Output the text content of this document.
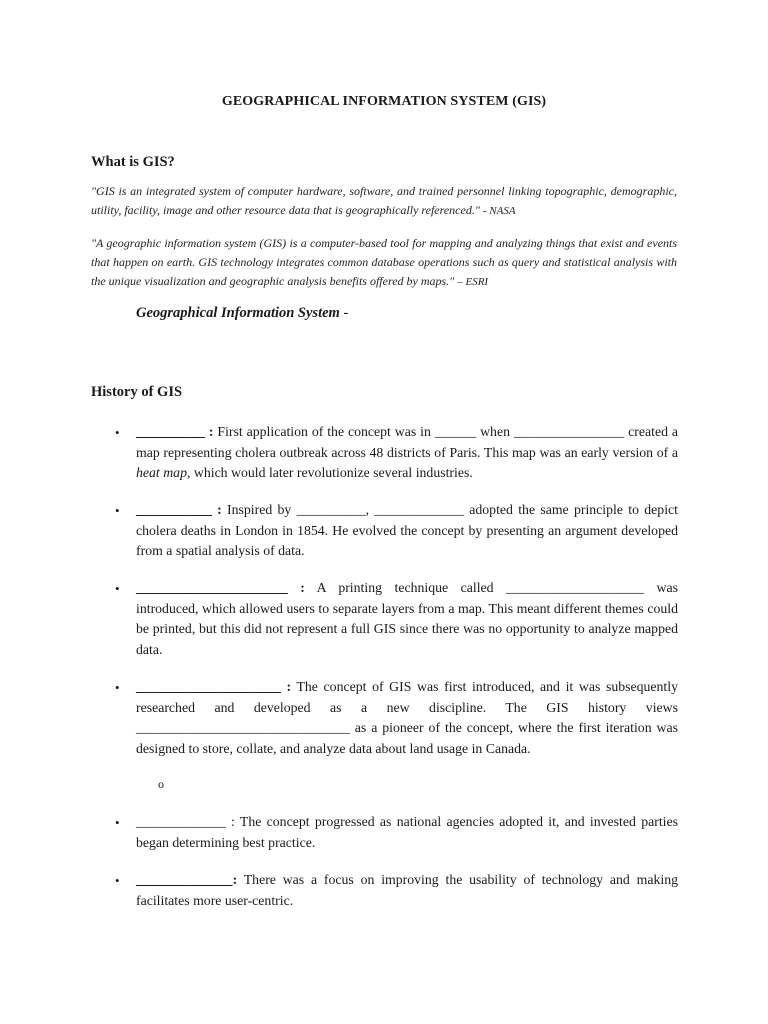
GEOGRAPHICAL INFORMATION SYSTEM (GIS)
What is GIS?
"GIS is an integrated system of computer hardware, software, and trained personnel linking topographic, demographic, utility, facility, image and other resource data that is geographically referenced." - NASA
"A geographic information system (GIS) is a computer-based tool for mapping and analyzing things that exist and events that happen on earth. GIS technology integrates common database operations such as query and statistical analysis with the unique visualization and geographic analysis benefits offered by maps." – ESRI
Geographical Information System -
History of GIS
• __________ : First application of the concept was in ______ when ________________ created a map representing cholera outbreak across 48 districts of Paris. This map was an early version of a heat map, which would later revolutionize several industries.
• ___________ : Inspired by __________, _____________ adopted the same principle to depict cholera deaths in London in 1854. He evolved the concept by presenting an argument developed from a spatial analysis of data.
• ______________________ : A printing technique called ____________________ was introduced, which allowed users to separate layers from a map. This meant different themes could be printed, but this did not represent a full GIS since there was no opportunity to analyze mapped data.
• _____________________ : The concept of GIS was first introduced, and it was subsequently researched and developed as a new discipline. The GIS history views _______________________________ as a pioneer of the concept, where the first iteration was designed to store, collate, and analyze data about land usage in Canada.
o
• _____________ : The concept progressed as national agencies adopted it, and invested parties began determining best practice.
• ______________: There was a focus on improving the usability of technology and making facilitates more user-centric.
